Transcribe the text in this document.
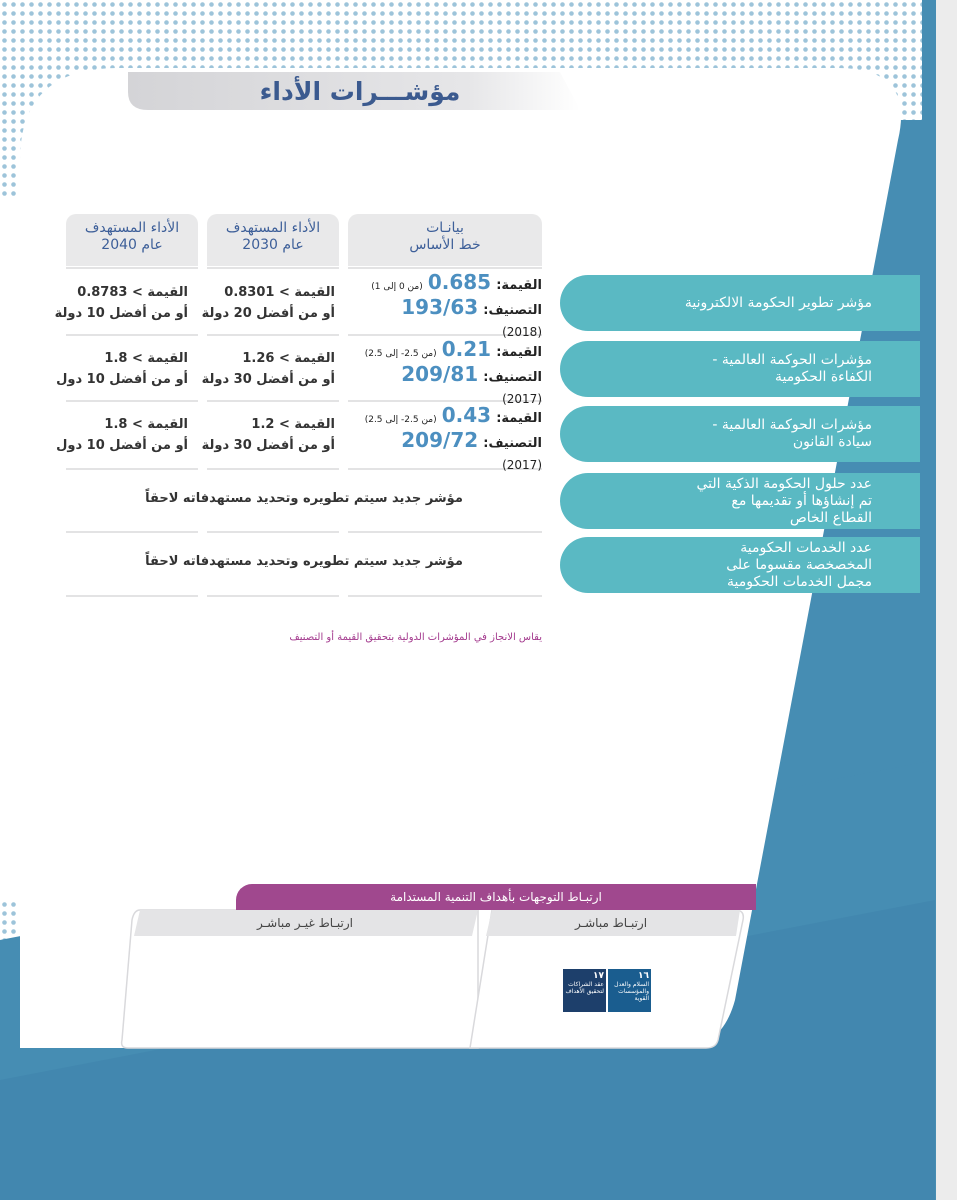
مؤشـــرات الأداء
بيانـات
خط الأساس
الأداء المستهدف
عام 2030
الأداء المستهدف
عام 2040
مؤشر تطوير الحكومة الالكترونية
مؤشرات الحوكمة العالمية -
الكفاءة الحكومية
مؤشرات الحوكمة العالمية -
سيادة القانون
عدد حلول الحكومة الذكية التي
تم إنشاؤها أو تقديمها مع
القطاع الخاص
عدد الخدمات الحكومية
المخصخصة مقسوما على
مجمل الخدمات الحكومية
القيمة: 0.685 (من 0 إلى 1)
التصنيف: 193/63
(2018)
القيمة: 0.21 (من 2.5- إلى 2.5)
التصنيف: 209/81
(2017)
القيمة: 0.43 (من 2.5- إلى 2.5)
التصنيف: 209/72
(2017)
القيمة > 0.8301
أو من أفضل 20 دولة
القيمة > 1.26
أو من أفضل 30 دولة
القيمة > 1.2
أو من أفضل 30 دولة
القيمة > 0.8783
أو من أفضل 10 دولة
القيمة > 1.8
أو من أفضل 10 دول
القيمة > 1.8
أو من أفضل 10 دول
مؤشر جديد سيتم تطويره وتحديد مستهدفاته لاحقاً
مؤشر جديد سيتم تطويره وتحديد مستهدفاته لاحقاً
يقاس الانجاز في المؤشرات الدولية بتحقيق القيمة أو التصنيف
ارتبـاط التوجهات بأهداف التنمية المستدامة
ارتبـاط مباشـر
ارتبـاط غيـر مباشـر
١٦
السلام والعدل والمؤسسات القوية
١٧
عقد الشراكات لتحقيق الأهداف
